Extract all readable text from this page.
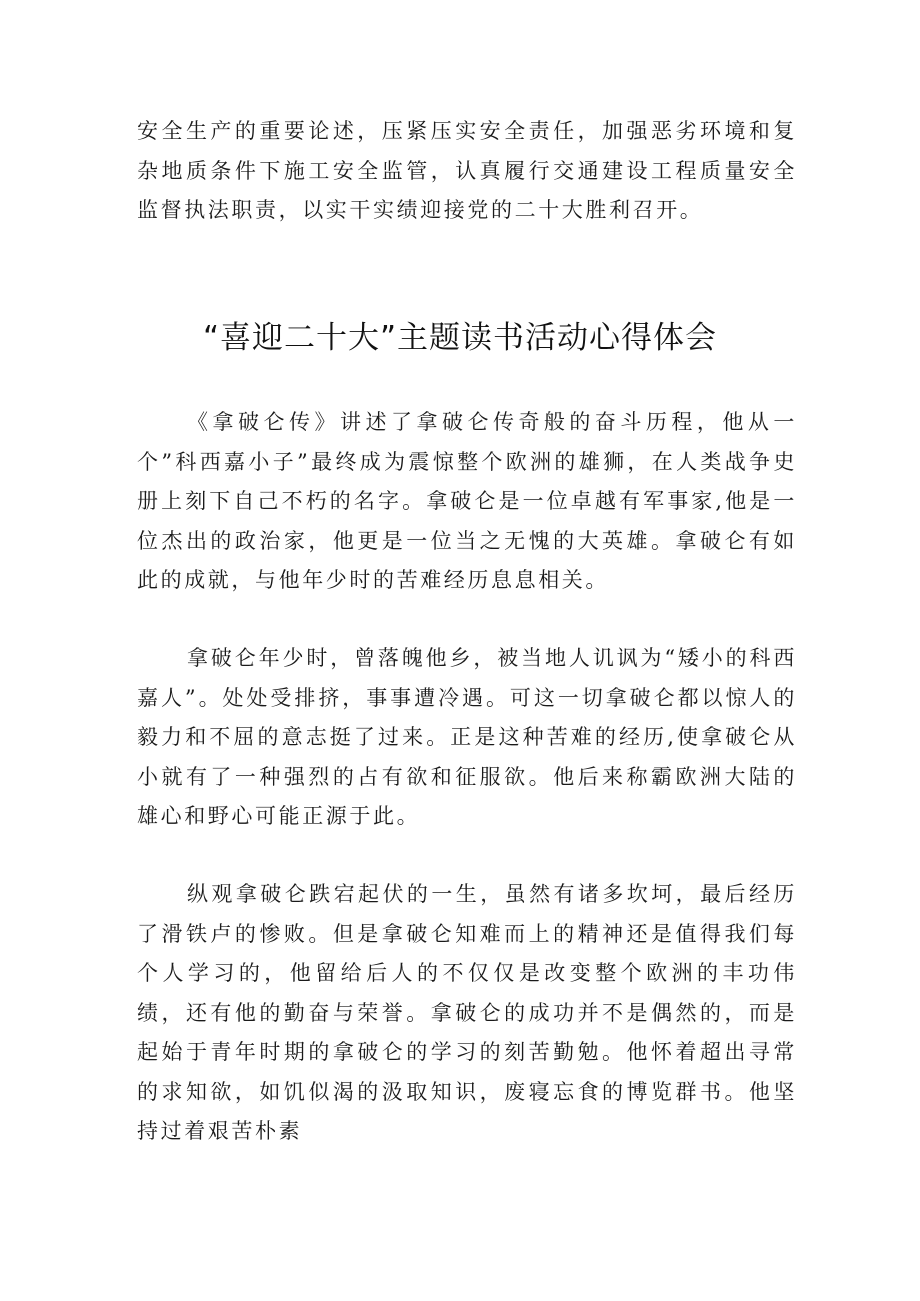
安全生产的重要论述，压紧压实安全责任，加强恶劣环境和复杂地质条件下施工安全监管，认真履行交通建设工程质量安全监督执法职责，以实干实绩迎接党的二十大胜利召开。

“喜迎二十大”主题读书活动心得体会

《拿破仑传》讲述了拿破仑传奇般的奋斗历程，他从一个”科西嘉小子”最终成为震惊整个欧洲的雄狮，在人类战争史册上刻下自己不朽的名字。拿破仑是一位卓越有军事家,他是一位杰出的政治家，他更是一位当之无愧的大英雄。拿破仑有如此的成就，与他年少时的苦难经历息息相关。

拿破仑年少时，曾落魄他乡，被当地人讥讽为“矮小的科西嘉人”。处处受排挤，事事遭冷遇。可这一切拿破仑都以惊人的毅力和不屈的意志挺了过来。正是这种苦难的经历,使拿破仑从小就有了一种强烈的占有欲和征服欲。他后来称霸欧洲大陆的雄心和野心可能正源于此。

纵观拿破仑跌宕起伏的一生，虽然有诸多坎坷，最后经历了滑铁卢的惨败。但是拿破仑知难而上的精神还是值得我们每个人学习的，他留给后人的不仅仅是改变整个欧洲的丰功伟绩，还有他的勤奋与荣誉。拿破仑的成功并不是偶然的，而是起始于青年时期的拿破仑的学习的刻苦勤勉。他怀着超出寻常的求知欲，如饥似渴的汲取知识，废寝忘食的博览群书。他坚持过着艰苦朴素
